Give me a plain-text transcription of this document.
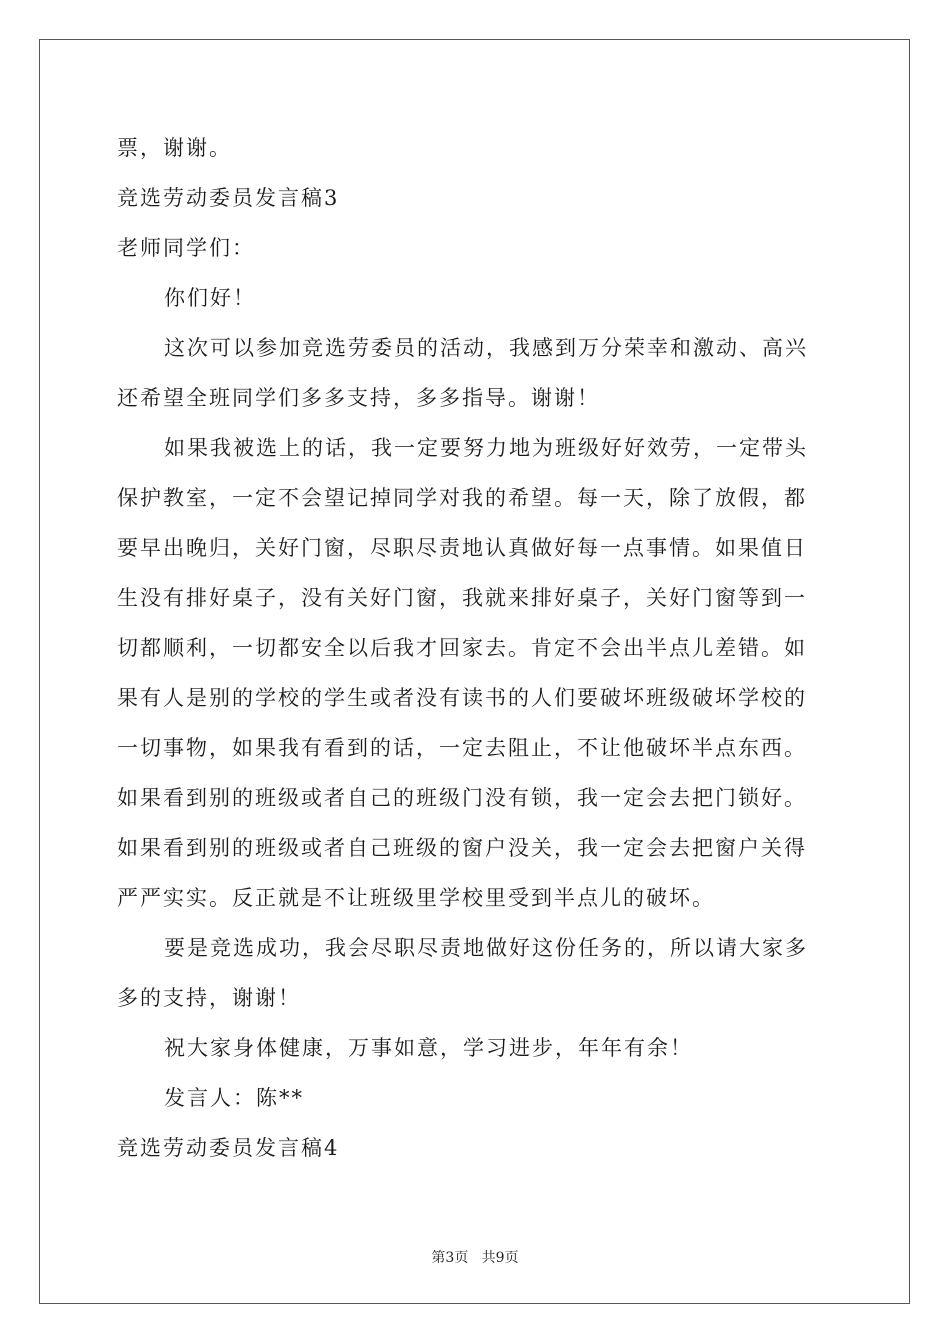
票，谢谢。
竞选劳动委员发言稿3
老师同学们：
你们好！
这次可以参加竞选劳委员的活动，我感到万分荣幸和激动、高兴
还希望全班同学们多多支持，多多指导。谢谢！
如果我被选上的话，我一定要努力地为班级好好效劳，一定带头
保护教室，一定不会望记掉同学对我的希望。每一天，除了放假，都
要早出晚归，关好门窗，尽职尽责地认真做好每一点事情。如果值日
生没有排好桌子，没有关好门窗，我就来排好桌子，关好门窗等到一
切都顺利，一切都安全以后我才回家去。肯定不会出半点儿差错。如
果有人是别的学校的学生或者没有读书的人们要破坏班级破坏学校的
一切事物，如果我有看到的话，一定去阻止，不让他破坏半点东西。
如果看到别的班级或者自己的班级门没有锁，我一定会去把门锁好。
如果看到别的班级或者自己班级的窗户没关，我一定会去把窗户关得
严严实实。反正就是不让班级里学校里受到半点儿的破坏。
要是竞选成功，我会尽职尽责地做好这份任务的，所以请大家多
多的支持，谢谢！
祝大家身体健康，万事如意，学习进步，年年有余！
发言人：陈**
竞选劳动委员发言稿4
第3页   共9页
